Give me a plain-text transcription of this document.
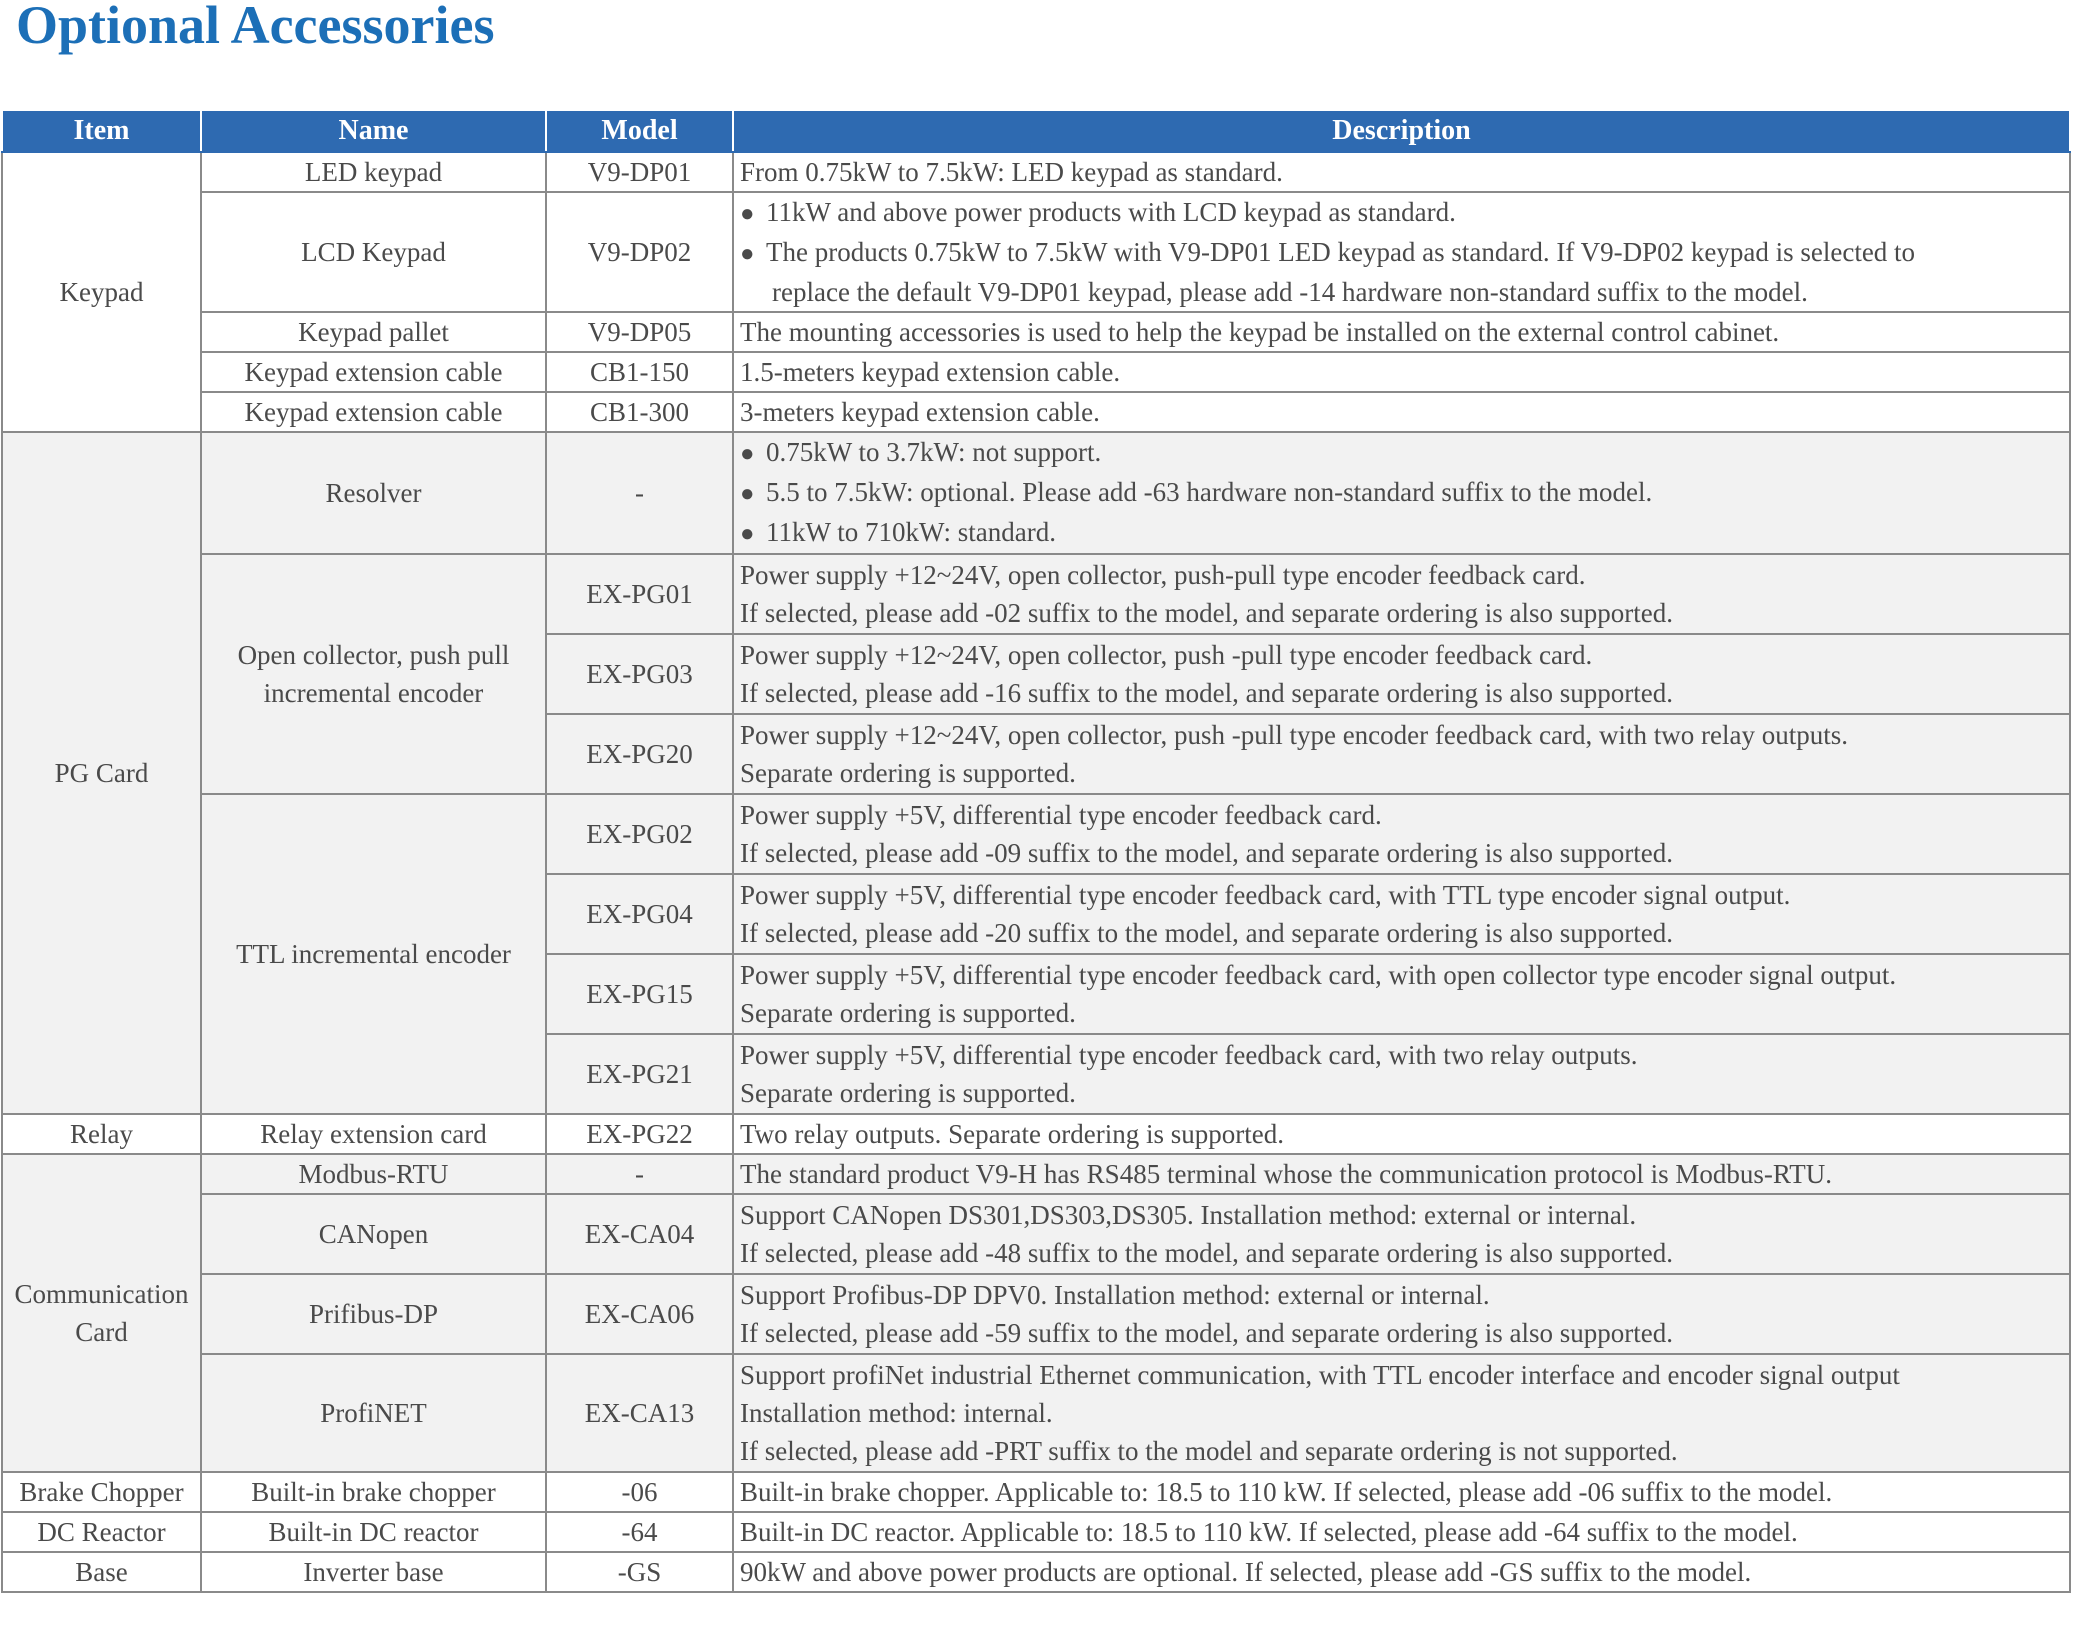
Optional Accessories
Item	Name	Model	Description
Keypad	LED keypad	V9-DP01	From 0.75kW to 7.5kW: LED keypad as standard.

	LCD Keypad	V9-DP02	● 11kW and above power products with LCD keypad as standard.
● The products 0.75kW to 7.5kW with V9-DP01 LED keypad as standard. If V9-DP02 keypad is selected to
replace the default V9-DP01 keypad, please add -14 hardware non-standard suffix to the model.

	Keypad pallet	V9-DP05	The mounting accessories is used to help the keypad be installed on the external control cabinet.

	Keypad extension cable	CB1-150	1.5-meters keypad extension cable.

	Keypad extension cable	CB1-300	3-meters keypad extension cable.

PG Card	Resolver	-	● 0.75kW to 3.7kW: not support.
● 5.5 to 7.5kW: optional. Please add -63 hardware non-standard suffix to the model.
● 11kW to 710kW: standard.

	Open collector, push pull
incremental encoder	EX-PG01	Power supply +12~24V, open collector, push-pull type encoder feedback card.
If selected, please add -02 suffix to the model, and separate ordering is also supported.

		EX-PG03	Power supply +12~24V, open collector, push -pull type encoder feedback card.
If selected, please add -16 suffix to the model, and separate ordering is also supported.

		EX-PG20	Power supply +12~24V, open collector, push -pull type encoder feedback card, with two relay outputs.
Separate ordering is supported.

	TTL incremental encoder	EX-PG02	Power supply +5V, differential type encoder feedback card.
If selected, please add -09 suffix to the model, and separate ordering is also supported.

		EX-PG04	Power supply +5V, differential type encoder feedback card, with TTL type encoder signal output.
If selected, please add -20 suffix to the model, and separate ordering is also supported.

		EX-PG15	Power supply +5V, differential type encoder feedback card, with open collector type encoder signal output.
Separate ordering is supported.

		EX-PG21	Power supply +5V, differential type encoder feedback card, with two relay outputs.
Separate ordering is supported.

Relay	Relay extension card	EX-PG22	Two relay outputs. Separate ordering is supported.

Communication
Card	Modbus-RTU	-	The standard product V9-H has RS485 terminal whose the communication protocol is Modbus-RTU.

	CANopen	EX-CA04	Support CANopen DS301,DS303,DS305. Installation method: external or internal.
If selected, please add -48 suffix to the model, and separate ordering is also supported.

	Prifibus-DP	EX-CA06	Support Profibus-DP DPV0. Installation method: external or internal.
If selected, please add -59 suffix to the model, and separate ordering is also supported.

	ProfiNET	EX-CA13	Support profiNet industrial Ethernet communication, with TTL encoder interface and encoder signal output
Installation method: internal.
If selected, please add -PRT suffix to the model and separate ordering is not supported.

Brake Chopper	Built-in brake chopper	-06	Built-in brake chopper. Applicable to: 18.5 to 110 kW. If selected, please add -06 suffix to the model.
DC Reactor	Built-in DC reactor	-64	Built-in DC reactor. Applicable to: 18.5 to 110 kW. If selected, please add -64 suffix to the model.
Base	Inverter base	-GS	90kW and above power products are optional. If selected, please add -GS suffix to the model.
